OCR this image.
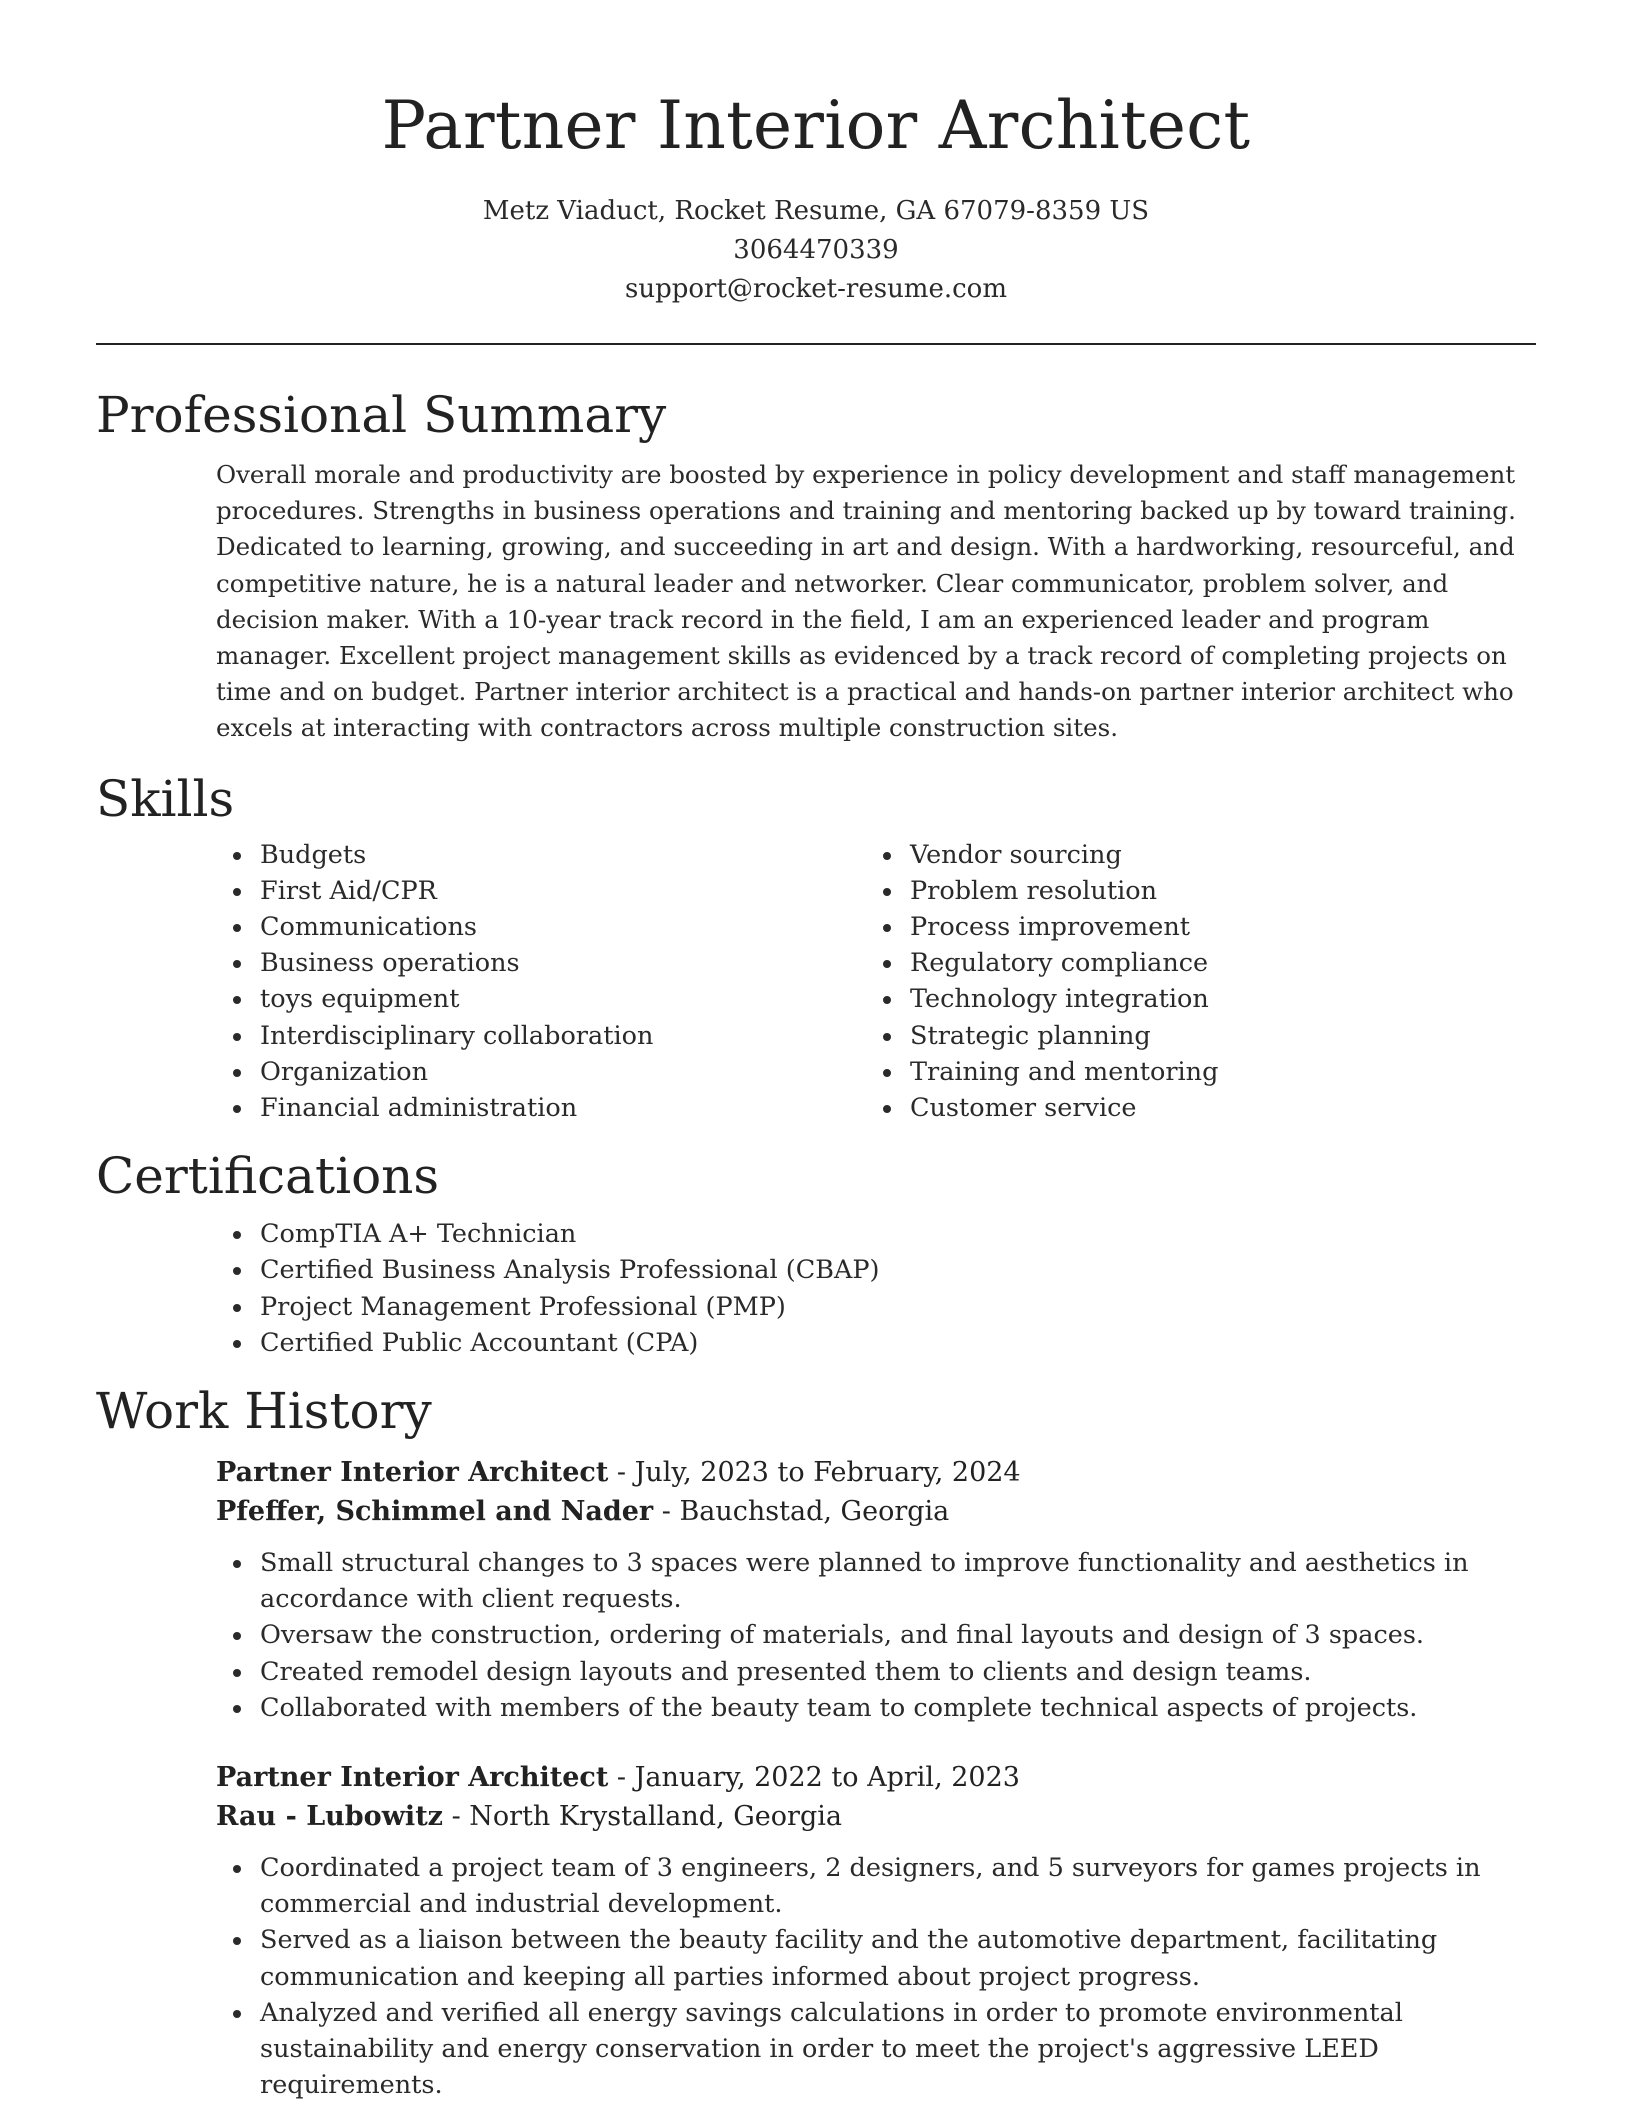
Partner Interior Architect
Metz Viaduct, Rocket Resume, GA 67079-8359 US
3064470339
support@rocket-resume.com
Professional Summary

Overall morale and productivity are boosted by experience in policy development and staff management procedures. Strengths in business operations and training and mentoring backed up by toward training. Dedicated to learning, growing, and succeeding in art and design. With a hardworking, resourceful, and competitive nature, he is a natural leader and networker. Clear communicator, problem solver, and decision maker. With a 10-year track record in the field, I am an experienced leader and program manager. Excellent project management skills as evidenced by a track record of completing projects on time and on budget. Partner interior architect is a practical and hands-on partner interior architect who excels at interacting with contractors across multiple construction sites.

Skills
Budgets
First Aid/CPR
Communications
Business operations
toys equipment
Interdisciplinary collaboration
Organization
Financial administration
Vendor sourcing
Problem resolution
Process improvement
Regulatory compliance
Technology integration
Strategic planning
Training and mentoring
Customer service
Certifications
CompTIA A+ Technician
Certified Business Analysis Professional (CBAP)
Project Management Professional (PMP)
Certified Public Accountant (CPA)
Work History
Partner Interior Architect - July, 2023 to February, 2024
Pfeffer, Schimmel and Nader - Bauchstad, Georgia
Small structural changes to 3 spaces were planned to improve functionality and aesthetics in accordance with client requests.
Oversaw the construction, ordering of materials, and final layouts and design of 3 spaces.
Created remodel design layouts and presented them to clients and design teams.
Collaborated with members of the beauty team to complete technical aspects of projects.
Partner Interior Architect - January, 2022 to April, 2023
Rau - Lubowitz - North Krystalland, Georgia
Coordinated a project team of 3 engineers, 2 designers, and 5 surveyors for games projects in commercial and industrial development.
Served as a liaison between the beauty facility and the automotive department, facilitating communication and keeping all parties informed about project progress.
Analyzed and verified all energy savings calculations in order to promote environmental sustainability and energy conservation in order to meet the project's aggressive LEED requirements.
